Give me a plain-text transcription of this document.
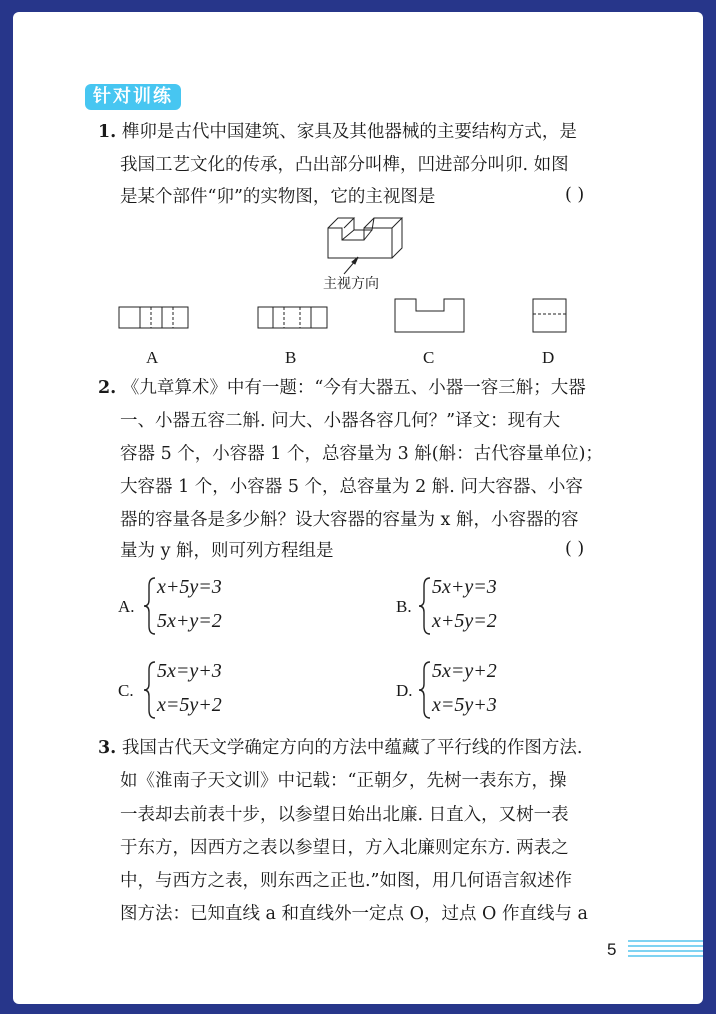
针对训练
1. 榫卯是古代中国建筑、家具及其他器械的主要结构方式，是
我国工艺文化的传承，凸出部分叫榫，凹进部分叫卯. 如图
是某个部件“卯”的实物图，它的主视图是	( )
主视方向
A	B	C	D
2. 《九章算术》中有一题：“今有大器五、小器一容三斛；大器
一、小器五容二斛. 问大、小器各容几何？”译文：现有大
容器 5 个，小容器 1 个，总容量为 3 斛(斛：古代容量单位)；
大容器 1 个，小容器 5 个，总容量为 2 斛. 问大容器、小容
器的容量各是多少斛？设大容器的容量为 x 斛，小容器的容
量为 y 斛，则可列方程组是	( )
A.
x+5y=3
5x+y=2
B.
5x+y=3
x+5y=2
C.
5x=y+3
x=5y+2
D.
5x=y+2
x=5y+3
3. 我国古代天文学确定方向的方法中蕴藏了平行线的作图方法.
如《淮南子天文训》中记载：“正朝夕，先树一表东方，操
一表却去前表十步，以参望日始出北廉. 日直入，又树一表
于东方，因西方之表以参望日，方入北廉则定东方. 两表之
中，与西方之表，则东西之正也.”如图，用几何语言叙述作
图方法：已知直线 a 和直线外一定点 O，过点 O 作直线与 a
5
